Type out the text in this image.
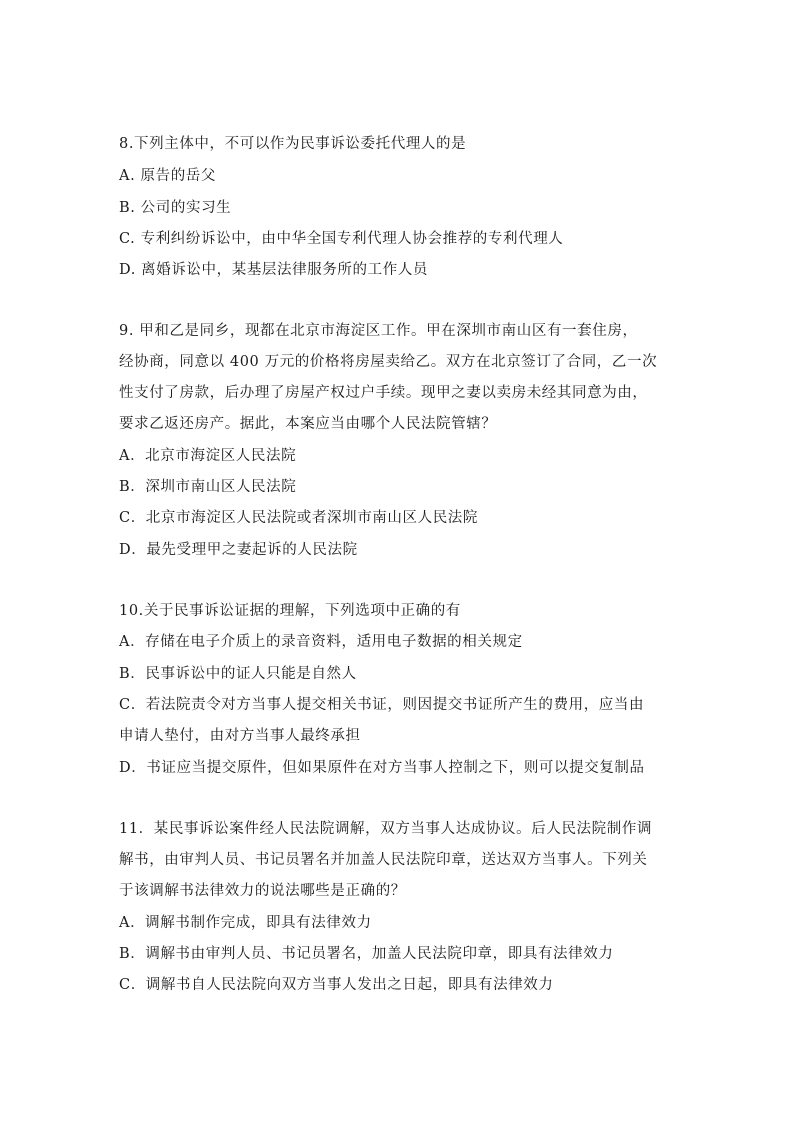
8.下列主体中，不可以作为民事诉讼委托代理人的是
A. 原告的岳父
B. 公司的实习生
C. 专利纠纷诉讼中，由中华全国专利代理人协会推荐的专利代理人
D. 离婚诉讼中，某基层法律服务所的工作人员
9. 甲和乙是同乡，现都在北京市海淀区工作。甲在深圳市南山区有一套住房，
经协商，同意以 400 万元的价格将房屋卖给乙。双方在北京签订了合同，乙一次
性支付了房款，后办理了房屋产权过户手续。现甲之妻以卖房未经其同意为由，
要求乙返还房产。据此，本案应当由哪个人民法院管辖？
A．北京市海淀区人民法院
B．深圳市南山区人民法院
C．北京市海淀区人民法院或者深圳市南山区人民法院
D．最先受理甲之妻起诉的人民法院
10.关于民事诉讼证据的理解，下列选项中正确的有
A．存储在电子介质上的录音资料，适用电子数据的相关规定
B．民事诉讼中的证人只能是自然人
C．若法院责令对方当事人提交相关书证，则因提交书证所产生的费用，应当由
申请人垫付，由对方当事人最终承担
D．书证应当提交原件，但如果原件在对方当事人控制之下，则可以提交复制品
11．某民事诉讼案件经人民法院调解，双方当事人达成协议。后人民法院制作调
解书，由审判人员、书记员署名并加盖人民法院印章，送达双方当事人。下列关
于该调解书法律效力的说法哪些是正确的？
A．调解书制作完成，即具有法律效力
B．调解书由审判人员、书记员署名，加盖人民法院印章，即具有法律效力
C．调解书自人民法院向双方当事人发出之日起，即具有法律效力
